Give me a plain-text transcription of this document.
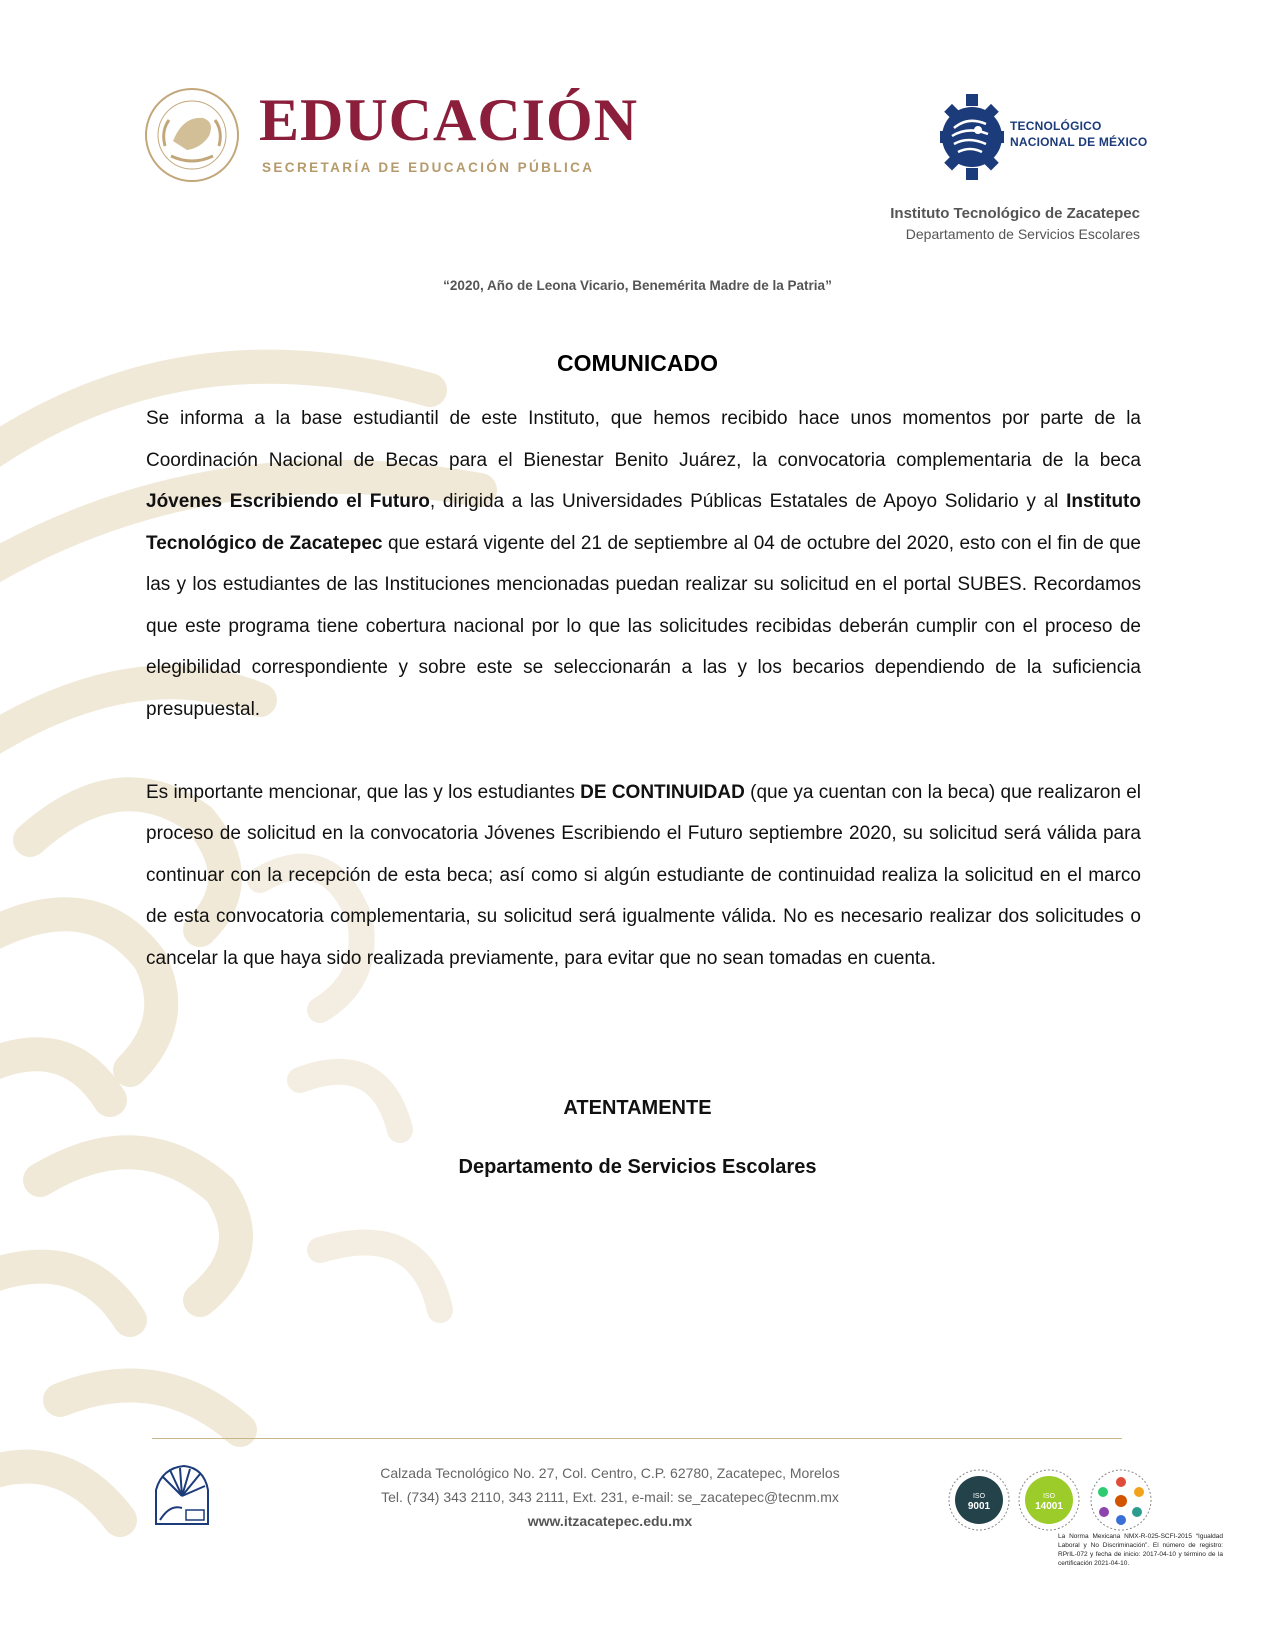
EDUCACIÓN
SECRETARÍA DE EDUCACIÓN PÚBLICA
TECNOLÓGICO
NACIONAL DE MÉXICO
Instituto Tecnológico de Zacatepec
Departamento de Servicios Escolares
“2020, Año de Leona Vicario, Benemérita Madre de la Patria”
COMUNICADO

Se informa a la base estudiantil de este Instituto, que hemos recibido hace unos momentos por parte de la Coordinación Nacional de Becas para el Bienestar Benito Juárez, la convocatoria complementaria de la beca Jóvenes Escribiendo el Futuro, dirigida a las Universidades Públicas Estatales de Apoyo Solidario y al Instituto Tecnológico de Zacatepec que estará vigente del 21 de septiembre al 04 de octubre del 2020, esto con el fin de que las y los estudiantes de las Instituciones mencionadas puedan realizar su solicitud en el portal SUBES. Recordamos que este programa tiene cobertura nacional por lo que las solicitudes recibidas deberán cumplir con el proceso de elegibilidad correspondiente y sobre este se seleccionarán a las y los becarios dependiendo de la suficiencia presupuestal.

Es importante mencionar, que las y los estudiantes DE CONTINUIDAD (que ya cuentan con la beca) que realizaron el proceso de solicitud en la convocatoria Jóvenes Escribiendo el Futuro septiembre 2020, su solicitud será válida para continuar con la recepción de esta beca; así como si algún estudiante de continuidad realiza la solicitud en el marco de esta convocatoria complementaria, su solicitud será igualmente válida. No es necesario realizar dos solicitudes o cancelar la que haya sido realizada previamente, para evitar que no sean tomadas en cuenta.

ATENTAMENTE
Departamento de Servicios Escolares
Calzada Tecnológico No. 27, Col. Centro, C.P. 62780, Zacatepec, Morelos
Tel. (734) 343 2110, 343 2111, Ext. 231, e-mail: se_zacatepec@tecnm.mx
www.itzacatepec.edu.mx
ISO
9001
ISO
14001
La Norma Mexicana NMX-R-025-SCFI-2015 “Igualdad Laboral y No Discriminación”. El número de registro: RPrIL-072 y fecha de inicio: 2017-04-10 y término de la certificación 2021-04-10.
